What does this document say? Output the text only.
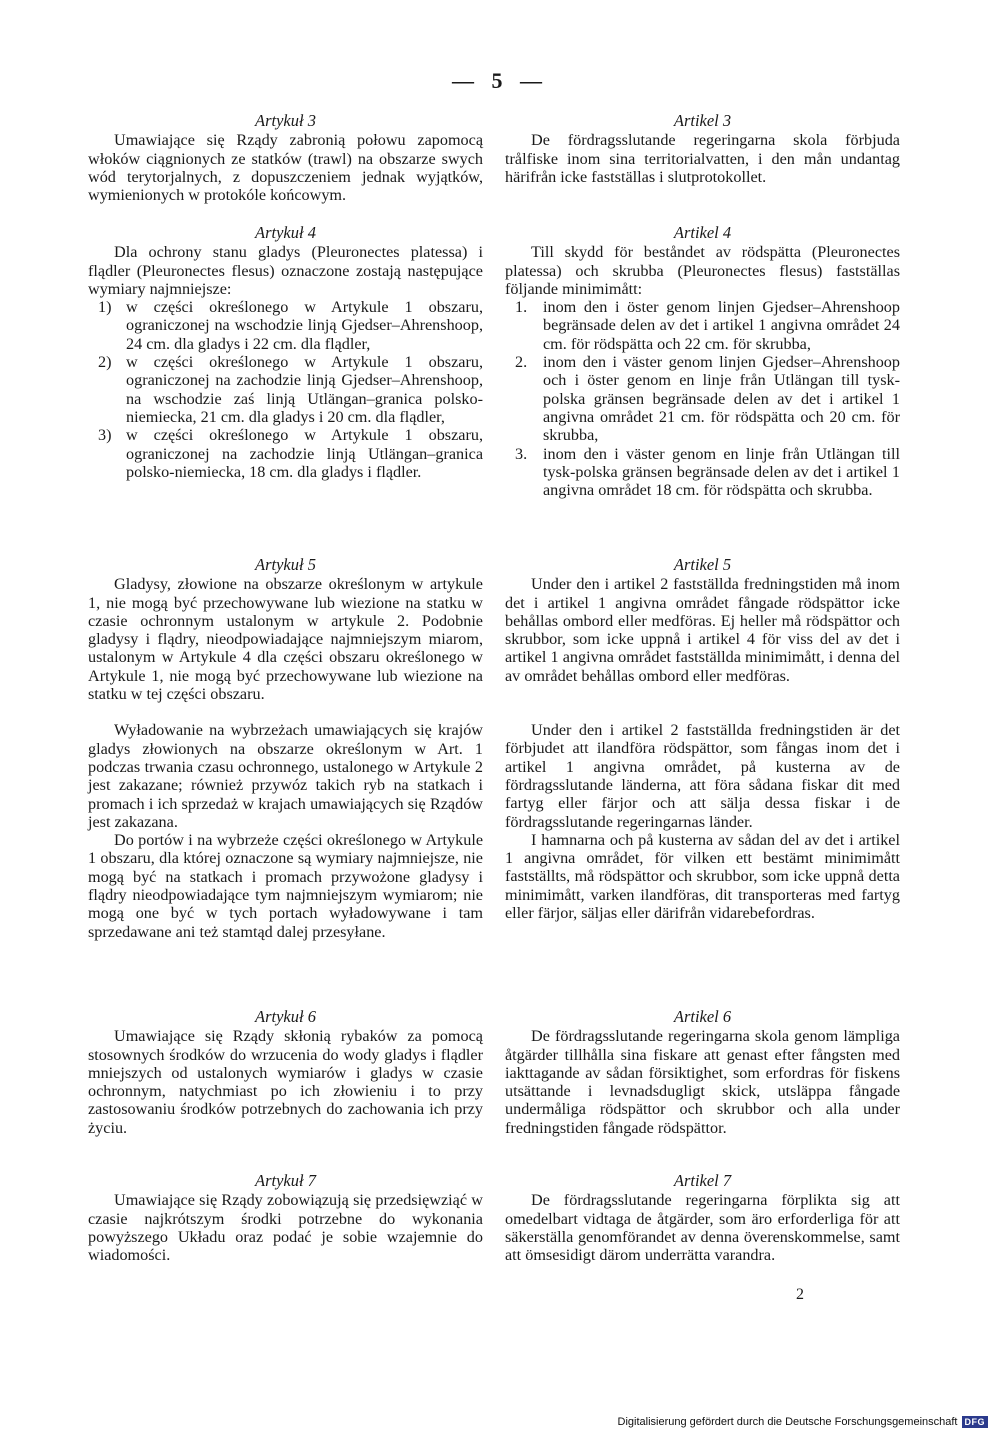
— 5 —
Artykuł 3

Umawiające się Rządy zabronią połowu zapomocą włoków ciągnionych ze statków (trawl) na obszarze swych wód terytorjalnych, z dopuszczeniem jednak wyjątków, wymienionych w protokóle końcowym.

Artykuł 4

Dla ochrony stanu gladys (Pleuronectes platessa) i flądler (Pleuronectes flesus) oznaczone zostają następujące wymiary najmniejsze:

1) w części określonego w Artykule 1 obszaru, ograniczonej na wschodzie linją Gjedser–Ahrenshoop, 24 cm. dla gladys i 22 cm. dla flądler,
2) w części określonego w Artykule 1 obszaru, ograniczonej na zachodzie linją Gjedser–Ahrenshoop, na wschodzie zaś linją Utlängan–granica polsko-niemiecka, 21 cm. dla gladys i 20 cm. dla flądler,
3) w części określonego w Artykule 1 obszaru, ograniczonej na zachodzie linją Utlängan–granica polsko-niemiecka, 18 cm. dla gladys i flądler.
Artykuł 5

Gladysy, złowione na obszarze określonym w artykule 1, nie mogą być przechowywane lub wiezione na statku w czasie ochronnym ustalonym w artykule 2. Podobnie gladysy i flądry, nieodpowiadające najmniejszym miarom, ustalonym w Artykule 4 dla części obszaru określonego w Artykule 1, nie mogą być przechowywane lub wiezione na statku w tej części obszaru.

Wyładowanie na wybrzeżach umawiających się krajów gladys złowionych na obszarze określonym w Art. 1 podczas trwania czasu ochronnego, ustalonego w Artykule 2 jest zakazane; również przywóz takich ryb na statkach i promach i ich sprzedaż w krajach umawiających się Rządów jest zakazana.

Do portów i na wybrzeże części określonego w Artykule 1 obszaru, dla której oznaczone są wymiary najmniejsze, nie mogą być na statkach i promach przywożone gladysy i flądry nieodpowiadające tym najmniejszym wymiarom; nie mogą one być w tych portach wyładowywane i tam sprzedawane ani też stamtąd dalej przesyłane.

Artykuł 6

Umawiające się Rządy skłonią rybaków za pomocą stosownych środków do wrzucenia do wody gladys i flądler mniejszych od ustalonych wymiarów i gladys w czasie ochronnym, natychmiast po ich złowieniu i to przy zastosowaniu środków potrzebnych do zachowania ich przy życiu.

Artykuł 7

Umawiające się Rządy zobowiązują się przedsięwziąć w czasie najkrótszym środki potrzebne do wykonania powyższego Układu oraz podać je sobie wzajemnie do wiadomości.

Artikel 3

De fördragsslutande regeringarna skola förbjuda trålfiske inom sina territorialvatten, i den mån undantag härifrån icke fastställas i slutprotokollet.

Artikel 4

Till skydd för beståndet av rödspätta (Pleuronectes platessa) och skrubba (Pleuronectes flesus) fastställas följande minimimått:

1. inom den i öster genom linjen Gjedser–Ahrenshoop begränsade delen av det i artikel 1 angivna området 24 cm. för rödspätta och 22 cm. för skrubba,
2. inom den i väster genom linjen Gjedser–Ahrenshoop och i öster genom en linje från Utlängan till tysk-polska gränsen begränsade delen av det i artikel 1 angivna området 21 cm. för rödspätta och 20 cm. för skrubba,
3. inom den i väster genom en linje från Utlängan till tysk-polska gränsen begränsade delen av det i artikel 1 angivna området 18 cm. för rödspätta och skrubba.
Artikel 5

Under den i artikel 2 fastställda fredningstiden må inom det i artikel 1 angivna området fångade rödspättor icke behållas ombord eller medföras. Ej heller må rödspättor och skrubbor, som icke uppnå i artikel 4 för viss del av det i artikel 1 angivna området fastställda minimimått, i denna del av området behållas ombord eller medföras.

Under den i artikel 2 fastställda fredningstiden är det förbjudet att ilandföra rödspättor, som fångas inom det i artikel 1 angivna området, på kusterna av de fördragsslutande länderna, att föra sådana fiskar dit med fartyg eller färjor och att sälja dessa fiskar i de fördragsslutande regeringarnas länder.

I hamnarna och på kusterna av sådan del av det i artikel 1 angivna området, för vilken ett bestämt minimimått fastställts, må rödspättor och skrubbor, som icke uppnå detta minimimått, varken ilandföras, dit transporteras med fartyg eller färjor, säljas eller därifrån vidarebefordras.

Artikel 6

De fördragsslutande regeringarna skola genom lämpliga åtgärder tillhålla sina fiskare att genast efter fångsten med iakttagande av sådan försiktighet, som erfordras för fiskens utsättande i levnadsdugligt skick, utsläppa fångade undermåliga rödspättor och skrubbor och alla under fredningstiden fångade rödspättor.

Artikel 7

De fördragsslutande regeringarna förplikta sig att omedelbart vidtaga de åtgärder, som äro erforderliga för att säkerställa genomförandet av denna överenskommelse, samt att ömsesidigt därom underrätta varandra.

2
Digitalisierung gefördert durch die Deutsche Forschungsgemeinschaft DFG
